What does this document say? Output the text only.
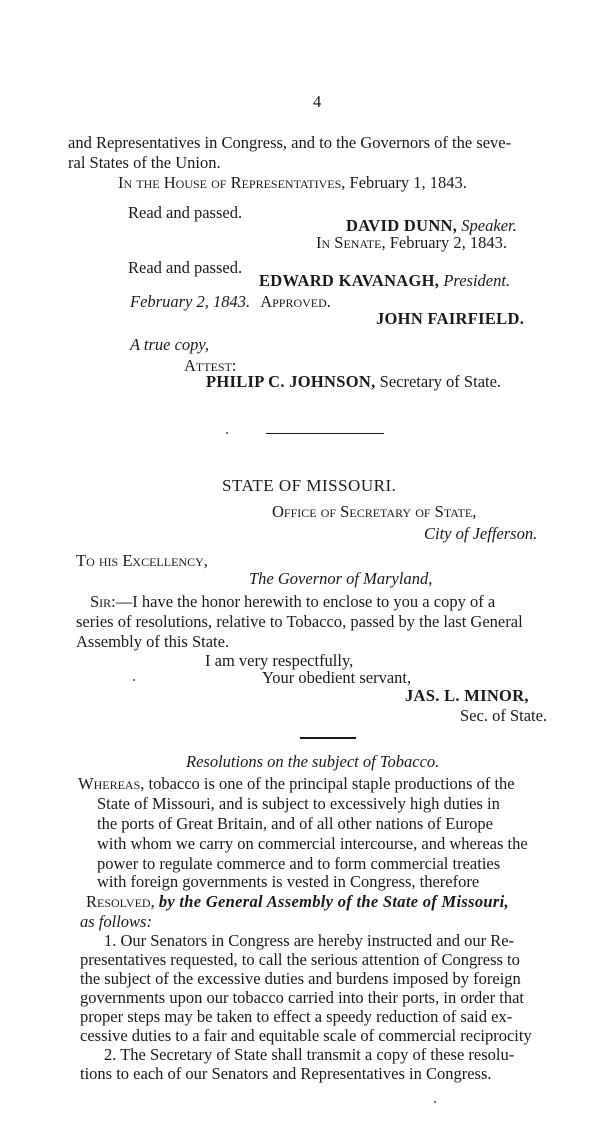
4
and Representatives in Congress, and to the Governors of the seve-
ral States of the Union.
In the House of Representatives, February 1, 1843.
Read and passed.
DAVID DUNN, Speaker.
In Senate, February 2, 1843.
Read and passed.
EDWARD KAVANAGH, President.
February 2, 1843. Approved.
JOHN FAIRFIELD.
A true copy,
Attest:
PHILIP C. JOHNSON, Secretary of State.
STATE OF MISSOURI.
Office of Secretary of State,
City of Jefferson.
To his Excellency,
The Governor of Maryland,
Sir:—I have the honor herewith to enclose to you a copy of a
series of resolutions, relative to Tobacco, passed by the last General
Assembly of this State.
I am very respectfully,
Your obedient servant,
JAS. L. MINOR,
Sec. of State.
Resolutions on the subject of Tobacco.
Whereas, tobacco is one of the principal staple productions of the
State of Missouri, and is subject to excessively high duties in
the ports of Great Britain, and of all other nations of Europe
with whom we carry on commercial intercourse, and whereas the
power to regulate commerce and to form commercial treaties
with foreign governments is vested in Congress, therefore
Resolved, by the General Assembly of the State of Missouri,
as follows:
1. Our Senators in Congress are hereby instructed and our Re-
presentatives requested, to call the serious attention of Congress to
the subject of the excessive duties and burdens imposed by foreign
governments upon our tobacco carried into their ports, in order that
proper steps may be taken to effect a speedy reduction of said ex-
cessive duties to a fair and equitable scale of commercial reciprocity
2. The Secretary of State shall transmit a copy of these resolu-
tions to each of our Senators and Representatives in Congress.
